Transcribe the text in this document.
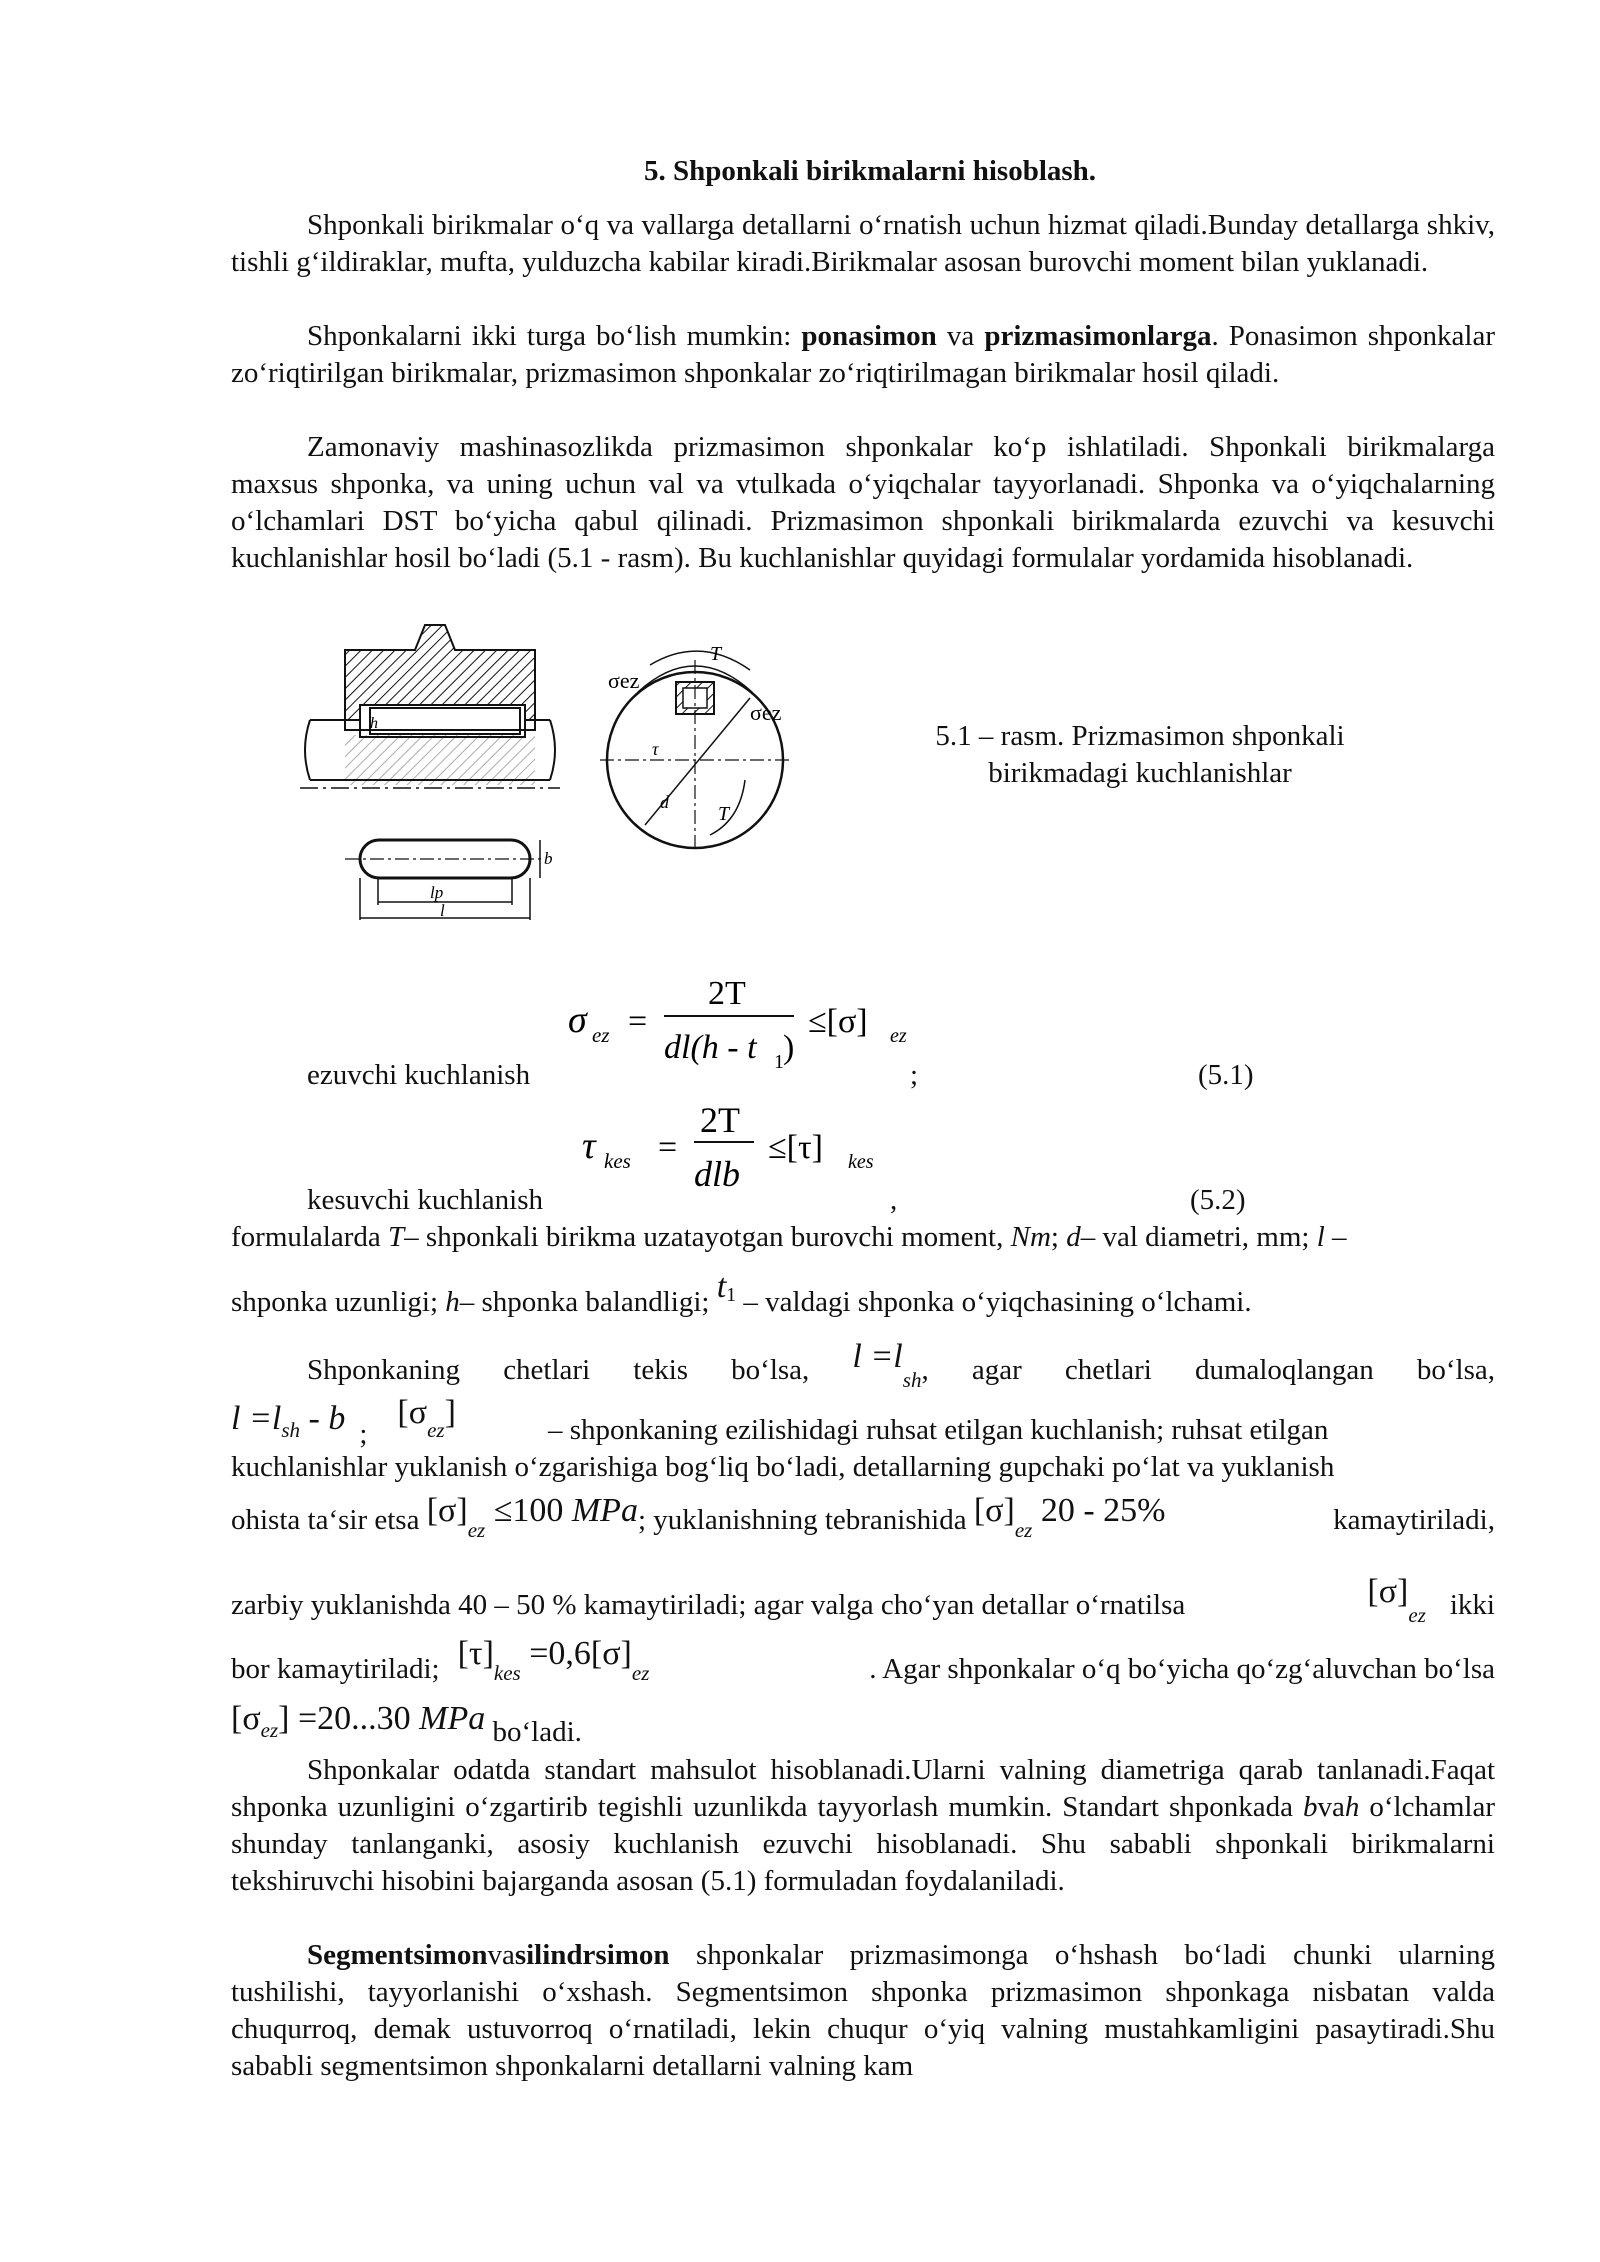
5. Shponkali birikmalarni hisoblash.
Shponkali birikmalar o‘q va vallarga detallarni o‘rnatish uchun hizmat qiladi.Bunday detallarga shkiv, tishli g‘ildiraklar, mufta, yulduzcha kabilar kiradi.Birikmalar asosan burovchi moment bilan yuklanadi.
Shponkalarni ikki turga bo‘lish mumkin: ponasimon va prizmasimonlarga. Ponasimon shponkalar zo‘riqtirilgan birikmalar, prizmasimon shponkalar zo‘riqtirilmagan birikmalar hosil qiladi.
Zamonaviy mashinasozlikda prizmasimon shponkalar ko‘p ishlatiladi. Shponkali birikmalarga maxsus shponka, va uning uchun val va vtulkada o‘yiqchalar tayyorlanadi. Shponka va o‘yiqchalarning o‘lchamlari DST bo‘yicha qabul qilinadi. Prizmasimon shponkali birikmalarda ezuvchi va kesuvchi kuchlanishlar hosil bo‘ladi (5.1 - rasm). Bu kuchlanishlar quyidagi formulalar yordamida hisoblanadi.
h
lp
l
b
T
σez
σez
τ
d
T
5.1 – rasm. Prizmasimon shponkali
birikmadagi kuchlanishlar
σ ez =
2T
dl(h - t 1 )
≤[σ] ez
ezuvchi kuchlanish	;	(5.1)
τ kes =
2T
dlb
≤[τ] kes
kesuvchi kuchlanish	,	(5.2)
formulalarda T– shponkali birikma uzatayotgan burovchi moment, Nm; d– val diametri, mm; l –
shponka uzunligi; h– shponka balandligi; $t^1$ – valdagi shponka o‘yiqchasining o‘lchami.
Shponkaning chetlari tekis bo‘lsa, $l =l_{sh}$, agar chetlari dumaloqlangan bo‘lsa,
$l =l_{sh} - b$ $;[\sigma_{ez}]$	– shponkaning ezilishidagi ruhsat etilgan kuchlanish; ruhsat etilgan
kuchlanishlar yuklanish o‘zgarishiga bog‘liq bo‘ladi, detallarning gupchaki po‘lat va yuklanish
ohista ta‘sir etsa $[\sigma]_{ez} \le 100$ MPa; yuklanishning tebranishida $[\sigma]_{ez}$ 20 - 25%	kamaytiriladi,
zarbiy yuklanishda 40 – 50 % kamaytiriladi; agar valga cho‘yan detallar o‘rnatilsa	$[\sigma]_{ez}$ ikki
bor kamaytiriladi; $[\tau]_{kes} =0,6[\sigma]_{ez}$	. Agar shponkalar o‘q bo‘yicha qo‘zg‘aluvchan bo‘lsa
$[\sigma_{ez}] =20...30$ MPa bo‘ladi.
Shponkalar odatda standart mahsulot hisoblanadi.Ularni valning diametriga qarab tanlanadi.Faqat shponka uzunligini o‘zgartirib tegishli uzunlikda tayyorlash mumkin. Standart shponkada bvah o‘lchamlar shunday tanlanganki, asosiy kuchlanish ezuvchi hisoblanadi. Shu sababli shponkali birikmalarni tekshiruvchi hisobini bajarganda asosan (5.1) formuladan foydalaniladi.
Segmentsimonvasilindrsimon shponkalar prizmasimonga o‘hshash bo‘ladi chunki ularning tushilishi, tayyorlanishi o‘xshash. Segmentsimon shponka prizmasimon shponkaga nisbatan valda chuqurroq, demak ustuvorroq o‘rnatiladi, lekin chuqur o‘yiq valning mustahkamligini pasaytiradi.Shu sababli segmentsimon shponkalarni detallarni valning kam
